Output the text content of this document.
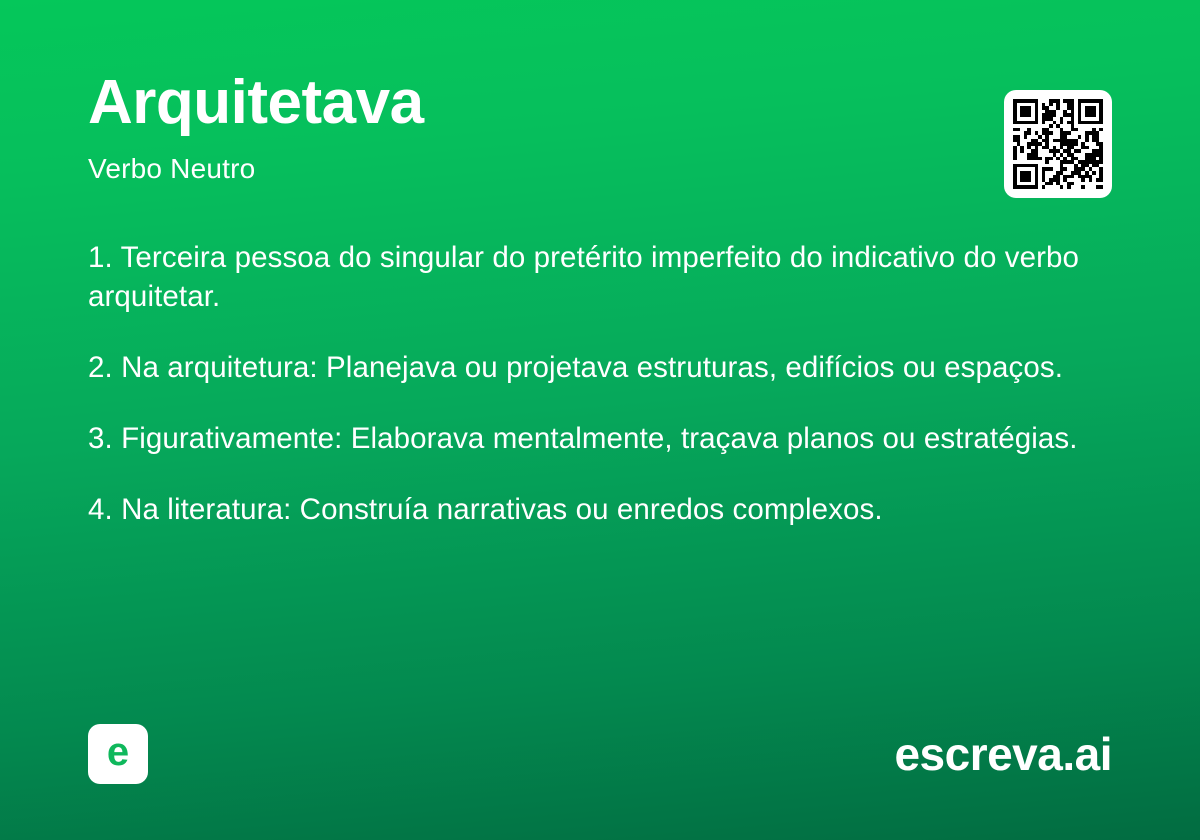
Arquitetava
Verbo Neutro

1. Terceira pessoa do singular do pretérito imperfeito do indicativo do verbo arquitetar.

2. Na arquitetura: Planejava ou projetava estruturas, edifícios ou espaços.

3. Figurativamente: Elaborava mentalmente, traçava planos ou estratégias.

4. Na literatura: Construía narrativas ou enredos complexos.

e	escreva.ai
